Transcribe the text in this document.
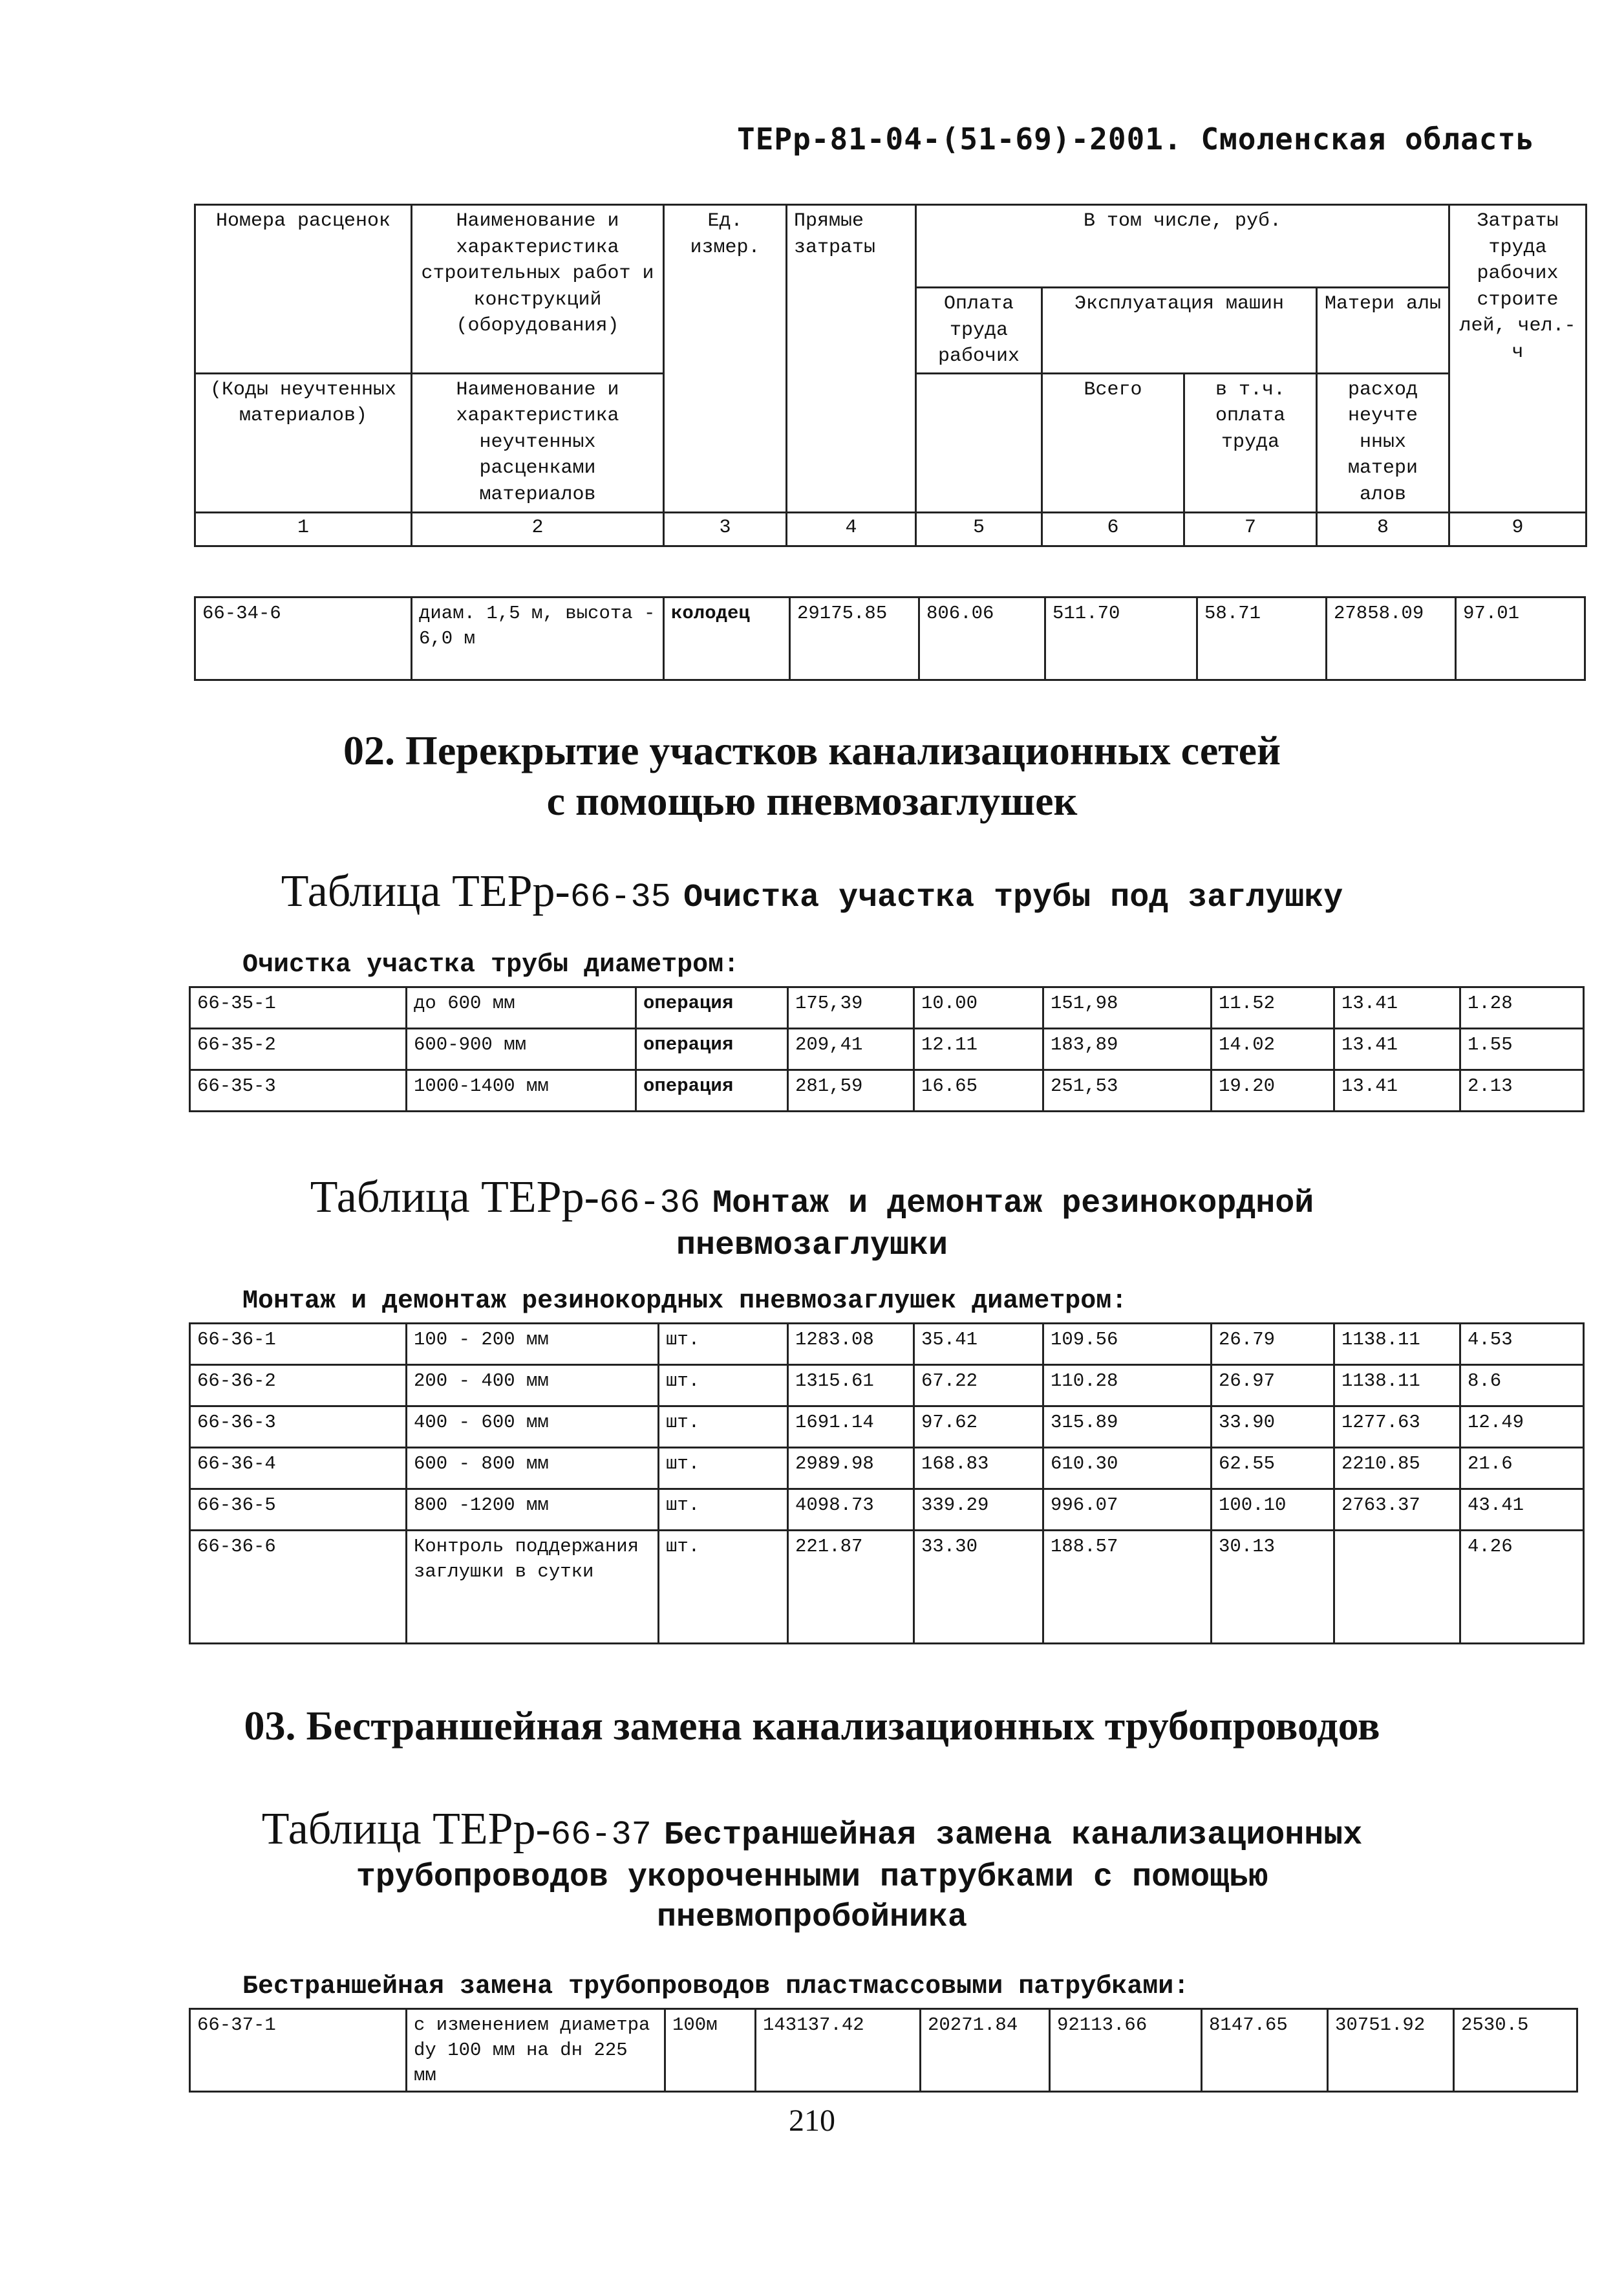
ТЕРр-81-04-(51-69)-2001. Смоленская область
Номера расценок	Наименование и характеристика строительных работ и конструкций (оборудования)	Ед. измер.	Прямые затраты	В том числе, руб.				Затраты труда рабочих строите лей, чел.-ч
				Оплата труда рабочих	Эксплуатация машин		Матери алы	
(Коды неучтенных материалов)	Наименование и характеристика неучтенных расценками материалов				Всего	в т.ч. оплата труда	расход неучте нных матери алов	
1	2	3	4	5	6	7	8	9
66-34-6	диам. 1,5 м, высота - 6,0 м	колодец	29175.85	806.06	511.70	58.71	27858.09	97.01
02. Перекрытие участков канализационных сетей
с помощью пневмозаглушек
Таблица ТЕРр-66-35 Очистка участка трубы под заглушку
Очистка участка трубы диаметром:
66-35-1	до 600 мм	операция	175,39	10.00	151,98	11.52	13.41	1.28
66-35-2	600-900 мм	операция	209,41	12.11	183,89	14.02	13.41	1.55
66-35-3	1000-1400 мм	операция	281,59	16.65	251,53	19.20	13.41	2.13
Таблица ТЕРр-66-36 Монтаж и демонтаж резинокордной
пневмозаглушки
Монтаж и демонтаж резинокордных пневмозаглушек диаметром:
66-36-1	100 - 200 мм	шт.	1283.08	35.41	109.56	26.79	1138.11	4.53
66-36-2	200 - 400 мм	шт.	1315.61	67.22	110.28	26.97	1138.11	8.6
66-36-3	400 - 600 мм	шт.	1691.14	97.62	315.89	33.90	1277.63	12.49
66-36-4	600 - 800 мм	шт.	2989.98	168.83	610.30	62.55	2210.85	21.6
66-36-5	800 -1200 мм	шт.	4098.73	339.29	996.07	100.10	2763.37	43.41
66-36-6	Контроль поддержания заглушки в сутки	шт.	221.87	33.30	188.57	30.13		4.26
03. Бестраншейная замена канализационных трубопроводов
Таблица ТЕРр-66-37 Бестраншейная замена канализационных
трубопроводов укороченными патрубками с помощью
пневмопробойника
Бестраншейная замена трубопроводов пластмассовыми патрубками:
66-37-1	с изменением диаметра dу 100 мм на dн 225 мм	100м	143137.42	20271.84	92113.66	8147.65	30751.92	2530.5
210
